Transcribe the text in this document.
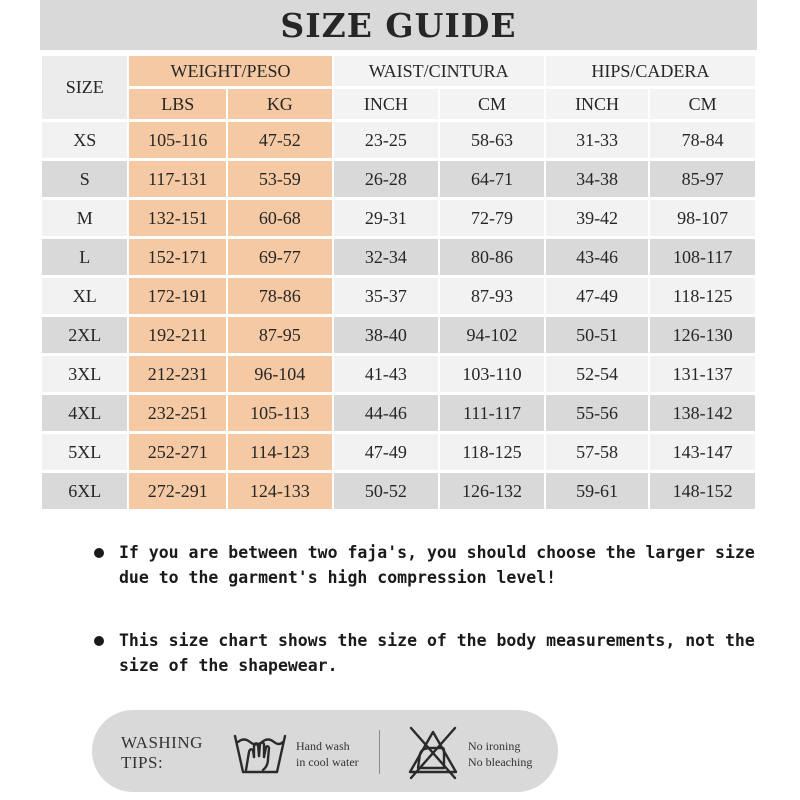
SIZE GUIDE
SIZE	WEIGHT/PESO		WAIST/CINTURA		HIPS/CADERA	
	LBS	KG	INCH	CM	INCH	CM
XS	105-116	47-52	23-25	58-63	31-33	78-84
S	117-131	53-59	26-28	64-71	34-38	85-97
M	132-151	60-68	29-31	72-79	39-42	98-107
L	152-171	69-77	32-34	80-86	43-46	108-117
XL	172-191	78-86	35-37	87-93	47-49	118-125
2XL	192-211	87-95	38-40	94-102	50-51	126-130
3XL	212-231	96-104	41-43	103-110	52-54	131-137
4XL	232-251	105-113	44-46	111-117	55-56	138-142
5XL	252-271	114-123	47-49	118-125	57-58	143-147
6XL	272-291	124-133	50-52	126-132	59-61	148-152

If you are between two faja's, you should choose the larger size due to the garment's high compression level!

This size chart shows the size of the body measurements, not the size of the shapewear.

WASHING
TIPS:
Hand wash
in cool water
No ironing
No bleaching
